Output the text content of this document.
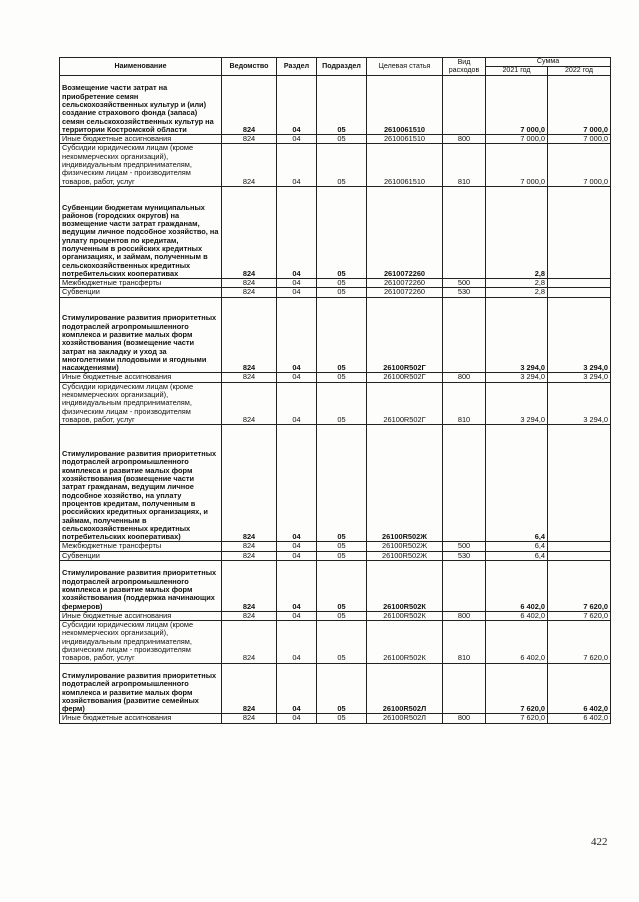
Наименование	Ведомство	Раздел	Подраздел	Целевая статья	Вид расходов	Сумма	
						2021 год	2022 год
Возмещение части затрат на приобретение семян сельскохозяйственных культур и (или) создание страхового фонда (запаса) семян сельскохозяйственных культур на территории Костромской области	824	04	05	2610061510		7 000,0	7 000,0
Иные бюджетные ассигнования	824	04	05	2610061510	800	7 000,0	7 000,0
Субсидии юридическим лицам (кроме некоммерческих организаций), индивидуальным предпринимателям, физическим лицам - производителям товаров, работ, услуг	824	04	05	2610061510	810	7 000,0	7 000,0
Субвенции бюджетам муниципальных районов (городских округов) на возмещение части затрат гражданам, ведущим личное подсобное хозяйство, на уплату процентов по кредитам, полученным в российских кредитных организациях, и займам, полученным в сельскохозяйственных кредитных потребительских кооперативах	824	04	05	2610072260		2,8	
Межбюджетные трансферты	824	04	05	2610072260	500	2,8	
Субвенции	824	04	05	2610072260	530	2,8	
Стимулирование развития приоритетных подотраслей агропромышленного комплекса и развитие малых форм хозяйствования (возмещение части затрат на закладку и уход за многолетними плодовыми и ягодными насаждениями)	824	04	05	26100R502Г		3 294,0	3 294,0
Иные бюджетные ассигнования	824	04	05	26100R502Г	800	3 294,0	3 294,0
Субсидии юридическим лицам (кроме некоммерческих организаций), индивидуальным предпринимателям, физическим лицам - производителям товаров, работ, услуг	824	04	05	26100R502Г	810	3 294,0	3 294,0
Стимулирование развития приоритетных подотраслей агропромышленного комплекса и развитие малых форм хозяйствования (возмещение части затрат гражданам, ведущим личное подсобное хозяйство, на уплату процентов кредитам, полученным в российских кредитных организациях, и займам, полученным в сельскохозяйственных кредитных потребительских кооперативах)	824	04	05	26100R502Ж		6,4	
Межбюджетные трансферты	824	04	05	26100R502Ж	500	6,4	
Субвенции	824	04	05	26100R502Ж	530	6,4	
Стимулирование развития приоритетных подотраслей агропромышленного комплекса и развитие малых форм хозяйствования (поддержка начинающих фермеров)	824	04	05	26100R502К		6 402,0	7 620,0
Иные бюджетные ассигнования	824	04	05	26100R502К	800	6 402,0	7 620,0
Субсидии юридическим лицам (кроме некоммерческих организаций), индивидуальным предпринимателям, физическим лицам - производителям товаров, работ, услуг	824	04	05	26100R502К	810	6 402,0	7 620,0
Стимулирование развития приоритетных подотраслей агропромышленного комплекса и развитие малых форм хозяйствования (развитие семейных ферм)	824	04	05	26100R502Л		7 620,0	6 402,0
Иные бюджетные ассигнования	824	04	05	26100R502Л	800	7 620,0	6 402,0
422
